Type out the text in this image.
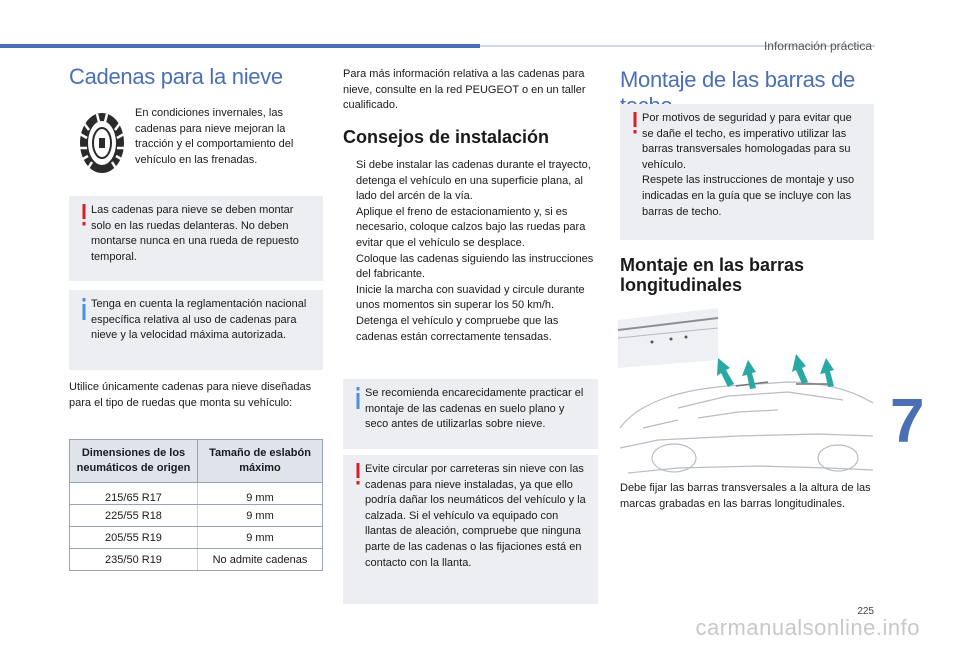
Información práctica
Cadenas para la nieve

En condiciones invernales, las cadenas para nieve mejoran la tracción y el comportamiento del vehículo en las frenadas.

Las cadenas para nieve se deben montar solo en las ruedas delanteras. No deben montarse nunca en una rueda de repuesto temporal.
Tenga en cuenta la reglamentación nacional específica relativa al uso de cadenas para nieve y la velocidad máxima autorizada.

Utilice únicamente cadenas para nieve diseñadas para el tipo de ruedas que monta su vehículo:

Dimensiones de los neumáticos de origen	Tamaño de eslabón máximo
215/65 R17	9 mm
225/55 R18	9 mm
205/55 R19	9 mm
235/50 R19	No admite cadenas

Para más información relativa a las cadenas para nieve, consulte en la red PEUGEOT o en un taller cualificado.

Consejos de instalación
Si debe instalar las cadenas durante el trayecto, detenga el vehículo en una superficie plana, al lado del arcén de la vía.
Aplique el freno de estacionamiento y, si es necesario, coloque calzos bajo las ruedas para evitar que el vehículo se desplace.
Coloque las cadenas siguiendo las instrucciones del fabricante.
Inicie la marcha con suavidad y circule durante unos momentos sin superar los 50 km/h.
Detenga el vehículo y compruebe que las cadenas están correctamente tensadas.
Se recomienda encarecidamente practicar el montaje de las cadenas en suelo plano y seco antes de utilizarlas sobre nieve.
Evite circular por carreteras sin nieve con las cadenas para nieve instaladas, ya que ello podría dañar los neumáticos del vehículo y la calzada. Si el vehículo va equipado con llantas de aleación, compruebe que ninguna parte de las cadenas o las fijaciones está en contacto con la llanta.
Montaje de las barras de
Por motivos de seguridad y para evitar que se dañe el techo, es imperativo utilizar las barras transversales homologadas para su vehículo.
Respete las instrucciones de montaje y uso indicadas en la guía que se incluye con las barras de techo.
Montaje en las barras longitudinales

Debe fijar las barras transversales a la altura de las marcas grabadas en las barras longitudinales.

7
225
carmanualsonline.info
